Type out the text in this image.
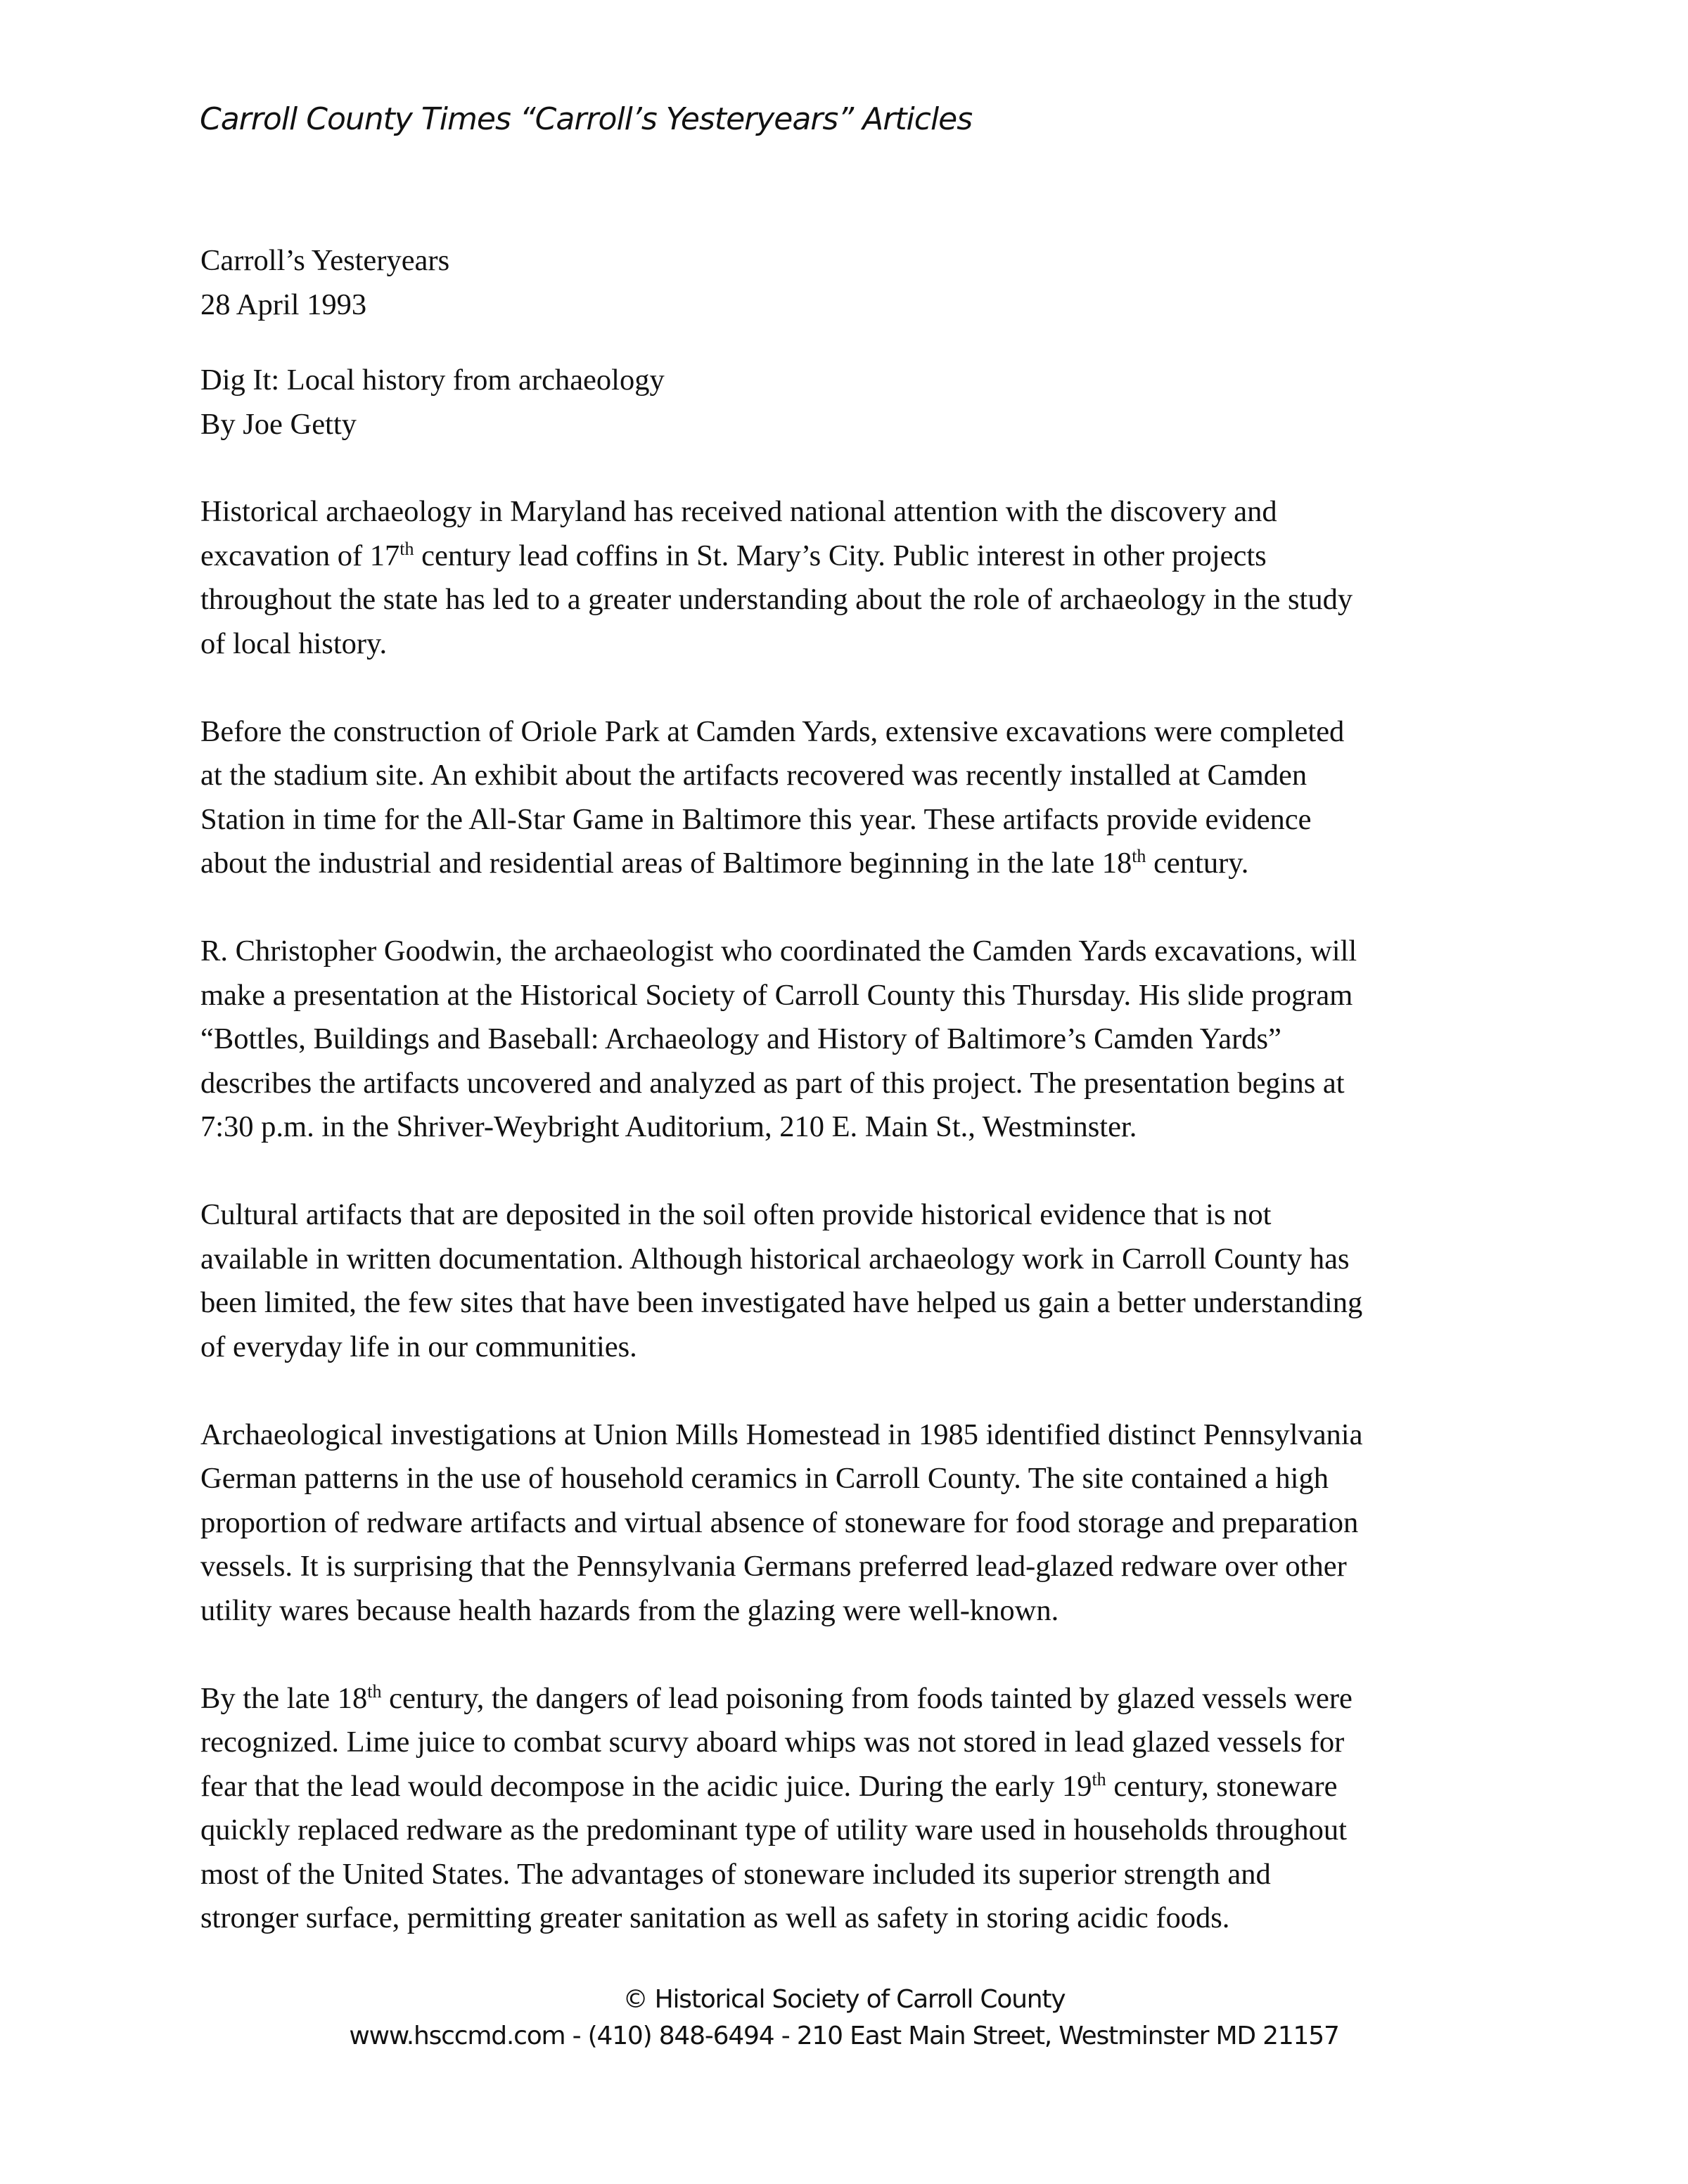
Carroll County Times “Carroll’s Yesteryears” Articles
Carroll’s Yesteryears
28 April 1993
Dig It: Local history from archaeology
By Joe Getty
Historical archaeology in Maryland has received national attention with the discovery and
excavation of 17th century lead coffins in St. Mary’s City. Public interest in other projects
throughout the state has led to a greater understanding about the role of archaeology in the study
of local history.
Before the construction of Oriole Park at Camden Yards, extensive excavations were completed
at the stadium site. An exhibit about the artifacts recovered was recently installed at Camden
Station in time for the All-Star Game in Baltimore this year. These artifacts provide evidence
about the industrial and residential areas of Baltimore beginning in the late 18th century.
R. Christopher Goodwin, the archaeologist who coordinated the Camden Yards excavations, will
make a presentation at the Historical Society of Carroll County this Thursday. His slide program
“Bottles, Buildings and Baseball: Archaeology and History of Baltimore’s Camden Yards”
describes the artifacts uncovered and analyzed as part of this project. The presentation begins at
7:30 p.m. in the Shriver-Weybright Auditorium, 210 E. Main St., Westminster.
Cultural artifacts that are deposited in the soil often provide historical evidence that is not
available in written documentation. Although historical archaeology work in Carroll County has
been limited, the few sites that have been investigated have helped us gain a better understanding
of everyday life in our communities.
Archaeological investigations at Union Mills Homestead in 1985 identified distinct Pennsylvania
German patterns in the use of household ceramics in Carroll County. The site contained a high
proportion of redware artifacts and virtual absence of stoneware for food storage and preparation
vessels. It is surprising that the Pennsylvania Germans preferred lead-glazed redware over other
utility wares because health hazards from the glazing were well-known.
By the late 18th century, the dangers of lead poisoning from foods tainted by glazed vessels were
recognized. Lime juice to combat scurvy aboard whips was not stored in lead glazed vessels for
fear that the lead would decompose in the acidic juice. During the early 19th century, stoneware
quickly replaced redware as the predominant type of utility ware used in households throughout
most of the United States. The advantages of stoneware included its superior strength and
stronger surface, permitting greater sanitation as well as safety in storing acidic foods.
© Historical Society of Carroll County
www.hsccmd.com - (410) 848-6494 - 210 East Main Street, Westminster MD 21157
